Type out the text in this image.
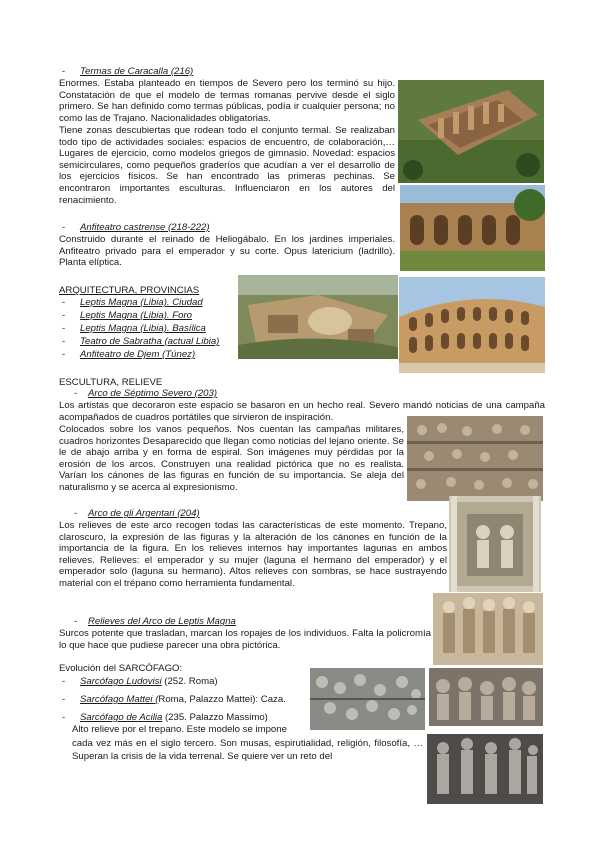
- Termas de Caracalla (216)

Enormes. Estaba planteado en tiempos de Severo pero los terminó su hijo. Constatación de que el modelo de termas romanas pervive desde el siglo primero. Se han definido como termas públicas, podía ir cualquier persona; no como las de Trajano. Nacionalidades obligatorias.

Tiene zonas descubiertas que rodean todo el conjunto termal. Se realizaban todo tipo de actividades sociales: espacios de encuentro, de colaboración,… Lugares de ejercicio, como modelos griegos de gimnasio. Novedad: espacios semicirculares, como pequeños graderíos que acudían a ver el desarrollo de los ejercicios físicos. Se han encontrado las primeras pechinas. Se encontraron importantes esculturas. Influenciaron en los autores del renacimiento.

- Anfiteatro castrense (218-222)

Construido durante el reinado de Heliogábalo. En los jardines imperiales. Anfiteatro privado para el emperador y su corte. Opus latericium (ladrillo). Planta elíptica.

ARQUITECTURA, PROVINCIAS

- Leptis Magna (Libia). Ciudad

- Leptis Magna (Libia). Foro

- Leptis Magna (Libia). Basílica

- Teatro de Sabratha (actual Libia)

- Anfiteatro de Djem (Túnez)

ESCULTURA, RELIEVE

- Arco de Séptimo Severo (203)

Los artistas que decoraron este espacio se basaron en un hecho real. Severo mandó noticias de una campaña acompañados de cuadros portátiles que sirvieron de inspiración.

Colocados sobre los vanos pequeños. Nos cuentan las campañas militares, cuadros horizontes Desaparecido que llegan como noticias del lejano oriente. Se le de abajo arriba y en forma de espiral. Son imágenes muy pérdidas por la erosión de los arcos. Construyen una realidad pictórica que no es realista. Varían los cánones de las figuras en función de su importancia. Se aleja del naturalismo y se acerca al expresionismo.

- Arco de gli Argentari (204)

Los relieves de este arco recogen todas las características de este momento. Trepano, claroscuro, la expresión de las figuras y la alteración de los cánones en función de la importancia de la figura. En los relieves internos hay importantes lagunas en ambos relieves. Relieves: el emperador y su mujer (laguna el hermano del emperador) y el emperador solo (laguna su hermano). Altos relieves con sombras, se hace sustrayendo material con el trépano como herramienta fundamental.

- Relieves del Arco de Leptis Magna

Surcos potente que trasladan, marcan los ropajes de los individuos. Falta la policromía lo que hace que pudiese parecer una obra pictórica.

Evolución del SARCÓFAGO:

- Sarcófago Ludovisi (252. Roma)

- Sarcófago Mattei (Roma, Palazzo Mattei): Caza.

- Sarcófago de Acilia (235. Palazzo Massimo)

Alto relieve por el trepano. Este modelo se impone

cada vez más en el siglo tercero. Son musas, espirutialidad, religión, filosofía, … Superan la crisis de la vida terrenal. Se quiere ver un reto del
